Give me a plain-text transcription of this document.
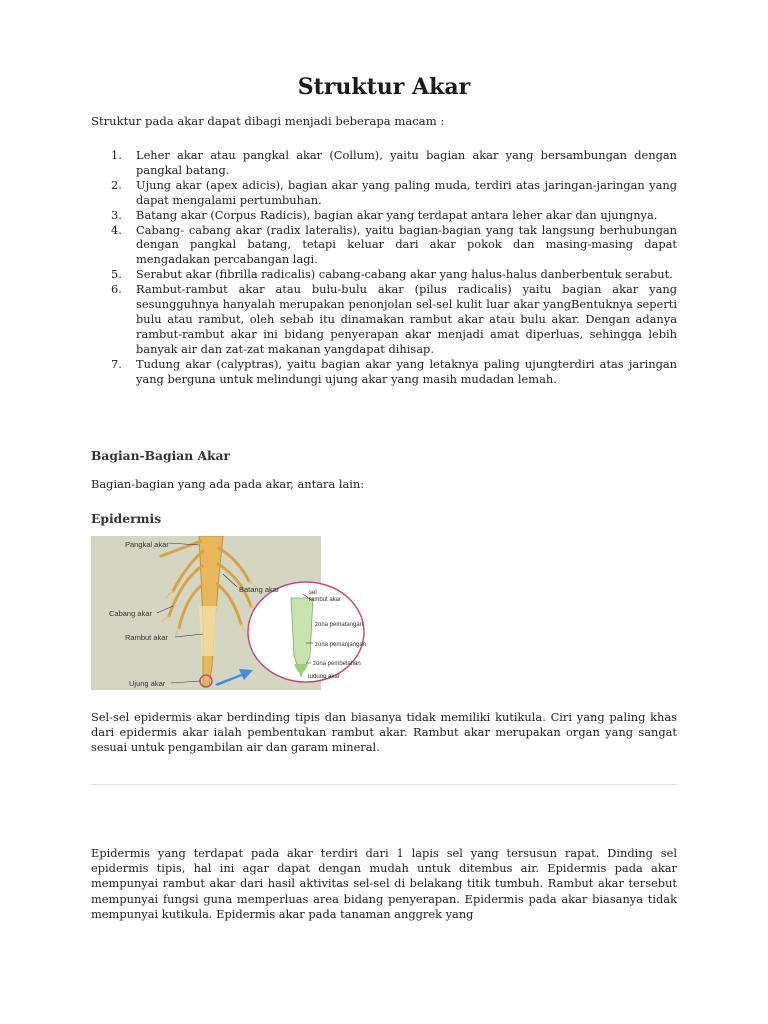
Struktur Akar

Struktur pada akar dapat dibagi menjadi beberapa macam :

1. Leher akar atau pangkal akar (Collum), yaitu bagian akar yang bersambungan dengan pangkal batang.
2. Ujung akar (apex adicis), bagian akar yang paling muda, terdiri atas jaringan-jaringan yang dapat mengalami pertumbuhan.
3. Batang akar (Corpus Radicis), bagian akar yang terdapat antara leher akar dan ujungnya.
4. Cabang- cabang akar (radix lateralis), yaitu bagian-bagian yang tak langsung berhubungan dengan pangkal batang, tetapi keluar dari akar pokok dan masing-masing dapat mengadakan percabangan lagi.
5. Serabut akar (fibrilla radicalis) cabang-cabang akar yang halus-halus danberbentuk serabut.
6. Rambut-rambut akar atau bulu-bulu akar (pilus radicalis) yaitu bagian akar yang sesungguhnya hanyalah merupakan penonjolan sel-sel kulit luar akar yangBentuknya seperti bulu atau rambut, oleh sebab itu dinamakan rambut akar atau bulu akar. Dengan adanya rambut-rambut akar ini bidang penyerapan akar menjadi amat diperluas, sehingga lebih banyak air dan zat-zat makanan yangdapat dihisap.
7. Tudung akar (calyptras), yaitu bagian akar yang letaknya paling ujungterdiri atas jaringan yang berguna untuk melindungi ujung akar yang masih mudadan lemah.
Bagian-Bagian Akar

Bagian-bagian yang ada pada akar, antara lain:

Epidermis
Pangkal akar
Batang akar
Cabang akar
Rambut akar
Ujung akar
sel rambut akar
zona pematangan
zona pemanjangan
zona pembelahan
tudung akar

Sel-sel epidermis akar berdinding tipis dan biasanya tidak memiliki kutikula. Ciri yang paling khas dari epidermis akar ialah pembentukan rambut akar. Rambut akar merupakan organ yang sangat sesuai untuk pengambilan air dan garam mineral.

Epidermis yang terdapat pada akar terdiri dari 1 lapis sel yang tersusun rapat. Dinding sel epidermis tipis, hal ini agar dapat dengan mudah untuk ditembus air. Epidermis pada akar mempunyai rambut akar dari hasil aktivitas sel-sel di belakang titik tumbuh. Rambut akar tersebut mempunyai fungsi guna memperluas area bidang penyerapan. Epidermis pada akar biasanya tidak mempunyai kutikula. Epidermis akar pada tanaman anggrek yang
